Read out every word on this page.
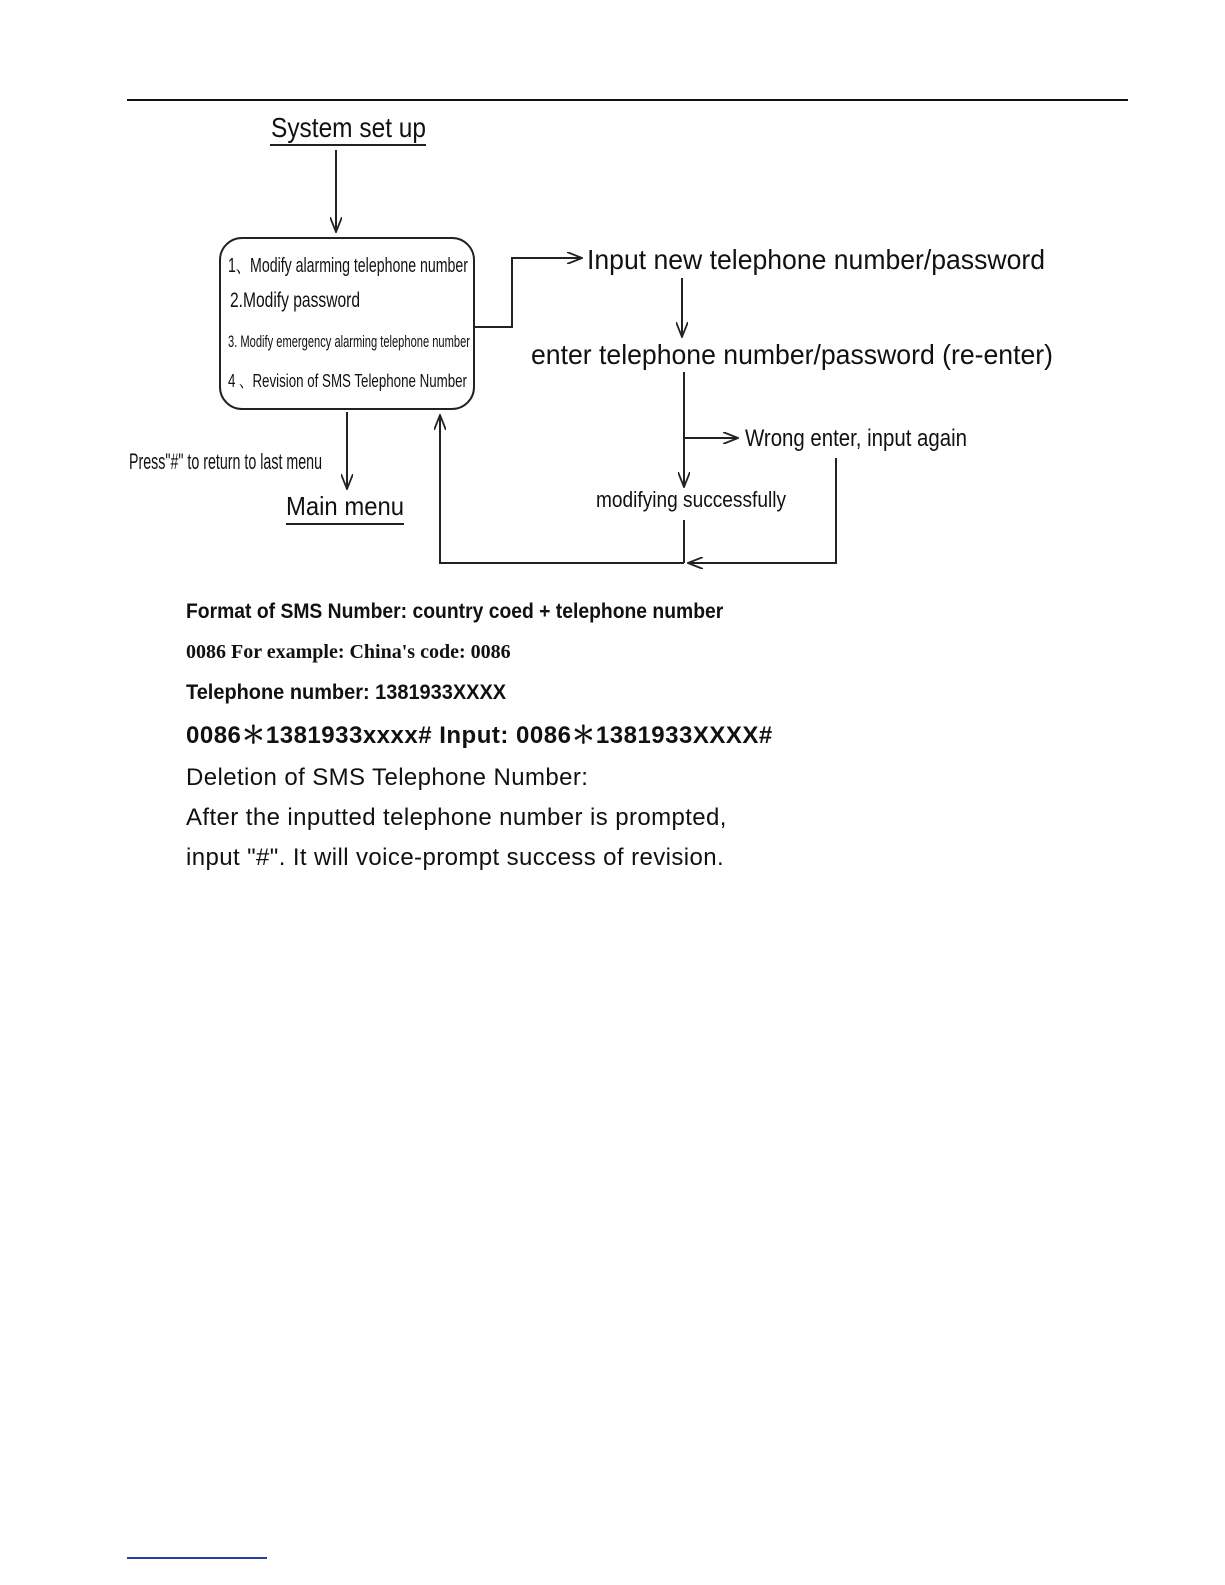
System set up
1、Modify alarming telephone number
2.Modify password
3. Modify emergency alarming telephone number
4 、Revision of SMS Telephone Number
Input new telephone number/password
enter telephone number/password (re-enter)
Wrong enter, input again
modifying successfully
Press"#" to return to last menu
Main menu

Format of SMS Number: country coed + telephone number

0086 For example: China's code: 0086

Telephone number: 1381933XXXX

0086＊1381933xxxx# Input: 0086＊1381933XXXX#

Deletion of SMS Telephone Number:

After the inputted telephone number is prompted,

input "#". It will voice-prompt success of revision.
